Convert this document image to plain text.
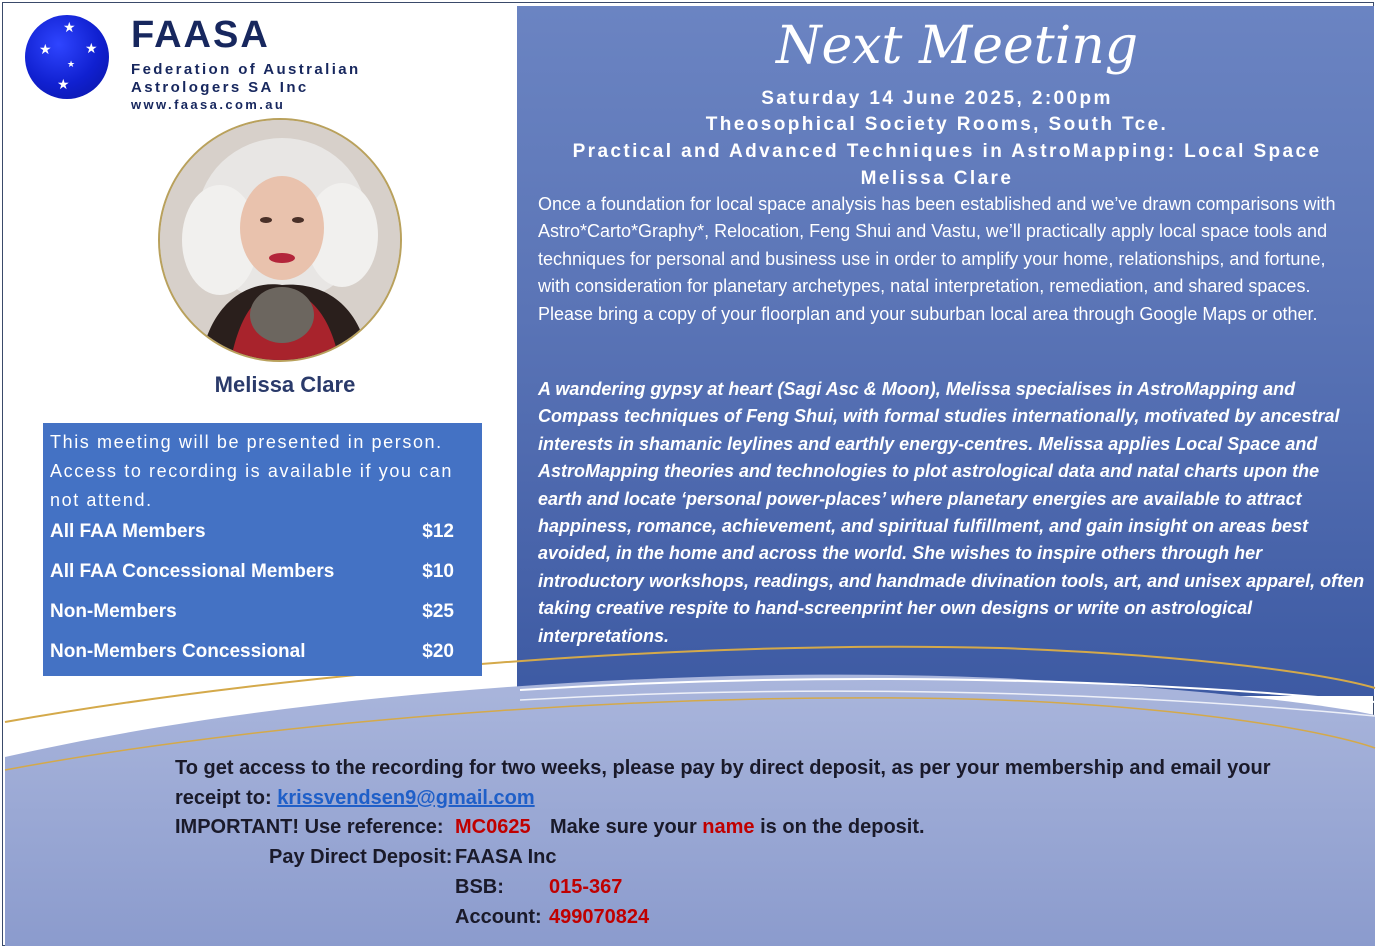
★
★ ★
★
★
FAASA
Federation of Australian
Astrologers SA Inc
www.faasa.com.au
Melissa Clare
This meeting will be presented in person.
Access to recording is available if you can
not attend.
All FAA Members	$12
All FAA Concessional Members	$10
Non-Members	$25
Non-Members Concessional	$20
Next Meeting
Saturday 14 June 2025, 2:00pm
Theosophical Society Rooms, South Tce.
Practical and Advanced Techniques in AstroMapping: Local Space
Melissa Clare
Once a foundation for local space analysis has been established and we’ve drawn comparisons with Astro*Carto*Graphy*, Relocation, Feng Shui and Vastu, we’ll practically apply local space tools and techniques for personal and business use in order to amplify your home, relationships, and fortune, with consideration for planetary archetypes, natal interpretation, remediation, and shared spaces. Please bring a copy of your floorplan and your suburban local area through Google Maps or other.
A wandering gypsy at heart (Sagi Asc & Moon), Melissa specialises in AstroMapping and Compass techniques of Feng Shui, with formal studies internationally, motivated by ancestral interests in shamanic leylines and earthly energy-centres. Melissa applies Local Space and AstroMapping theories and technologies to plot astrological data and natal charts upon the earth and locate ‘personal power-places’ where planetary energies are available to attract happiness, romance, achievement, and spiritual fulfillment, and gain insight on areas best avoided, in the home and across the world. She wishes to inspire others through her introductory workshops, readings, and handmade divination tools, art, and unisex apparel, often taking creative respite to hand-screenprint her own designs or write on astrological interpretations.
To get access to the recording for two weeks, please pay by direct deposit, as per your membership and email your
receipt to: krissvendsen9@gmail.com
IMPORTANT! Use reference: MC0625 Make sure your name is on the deposit.
Pay Direct Deposit: FAASA Inc
BSB: 015-367
Account: 499070824
